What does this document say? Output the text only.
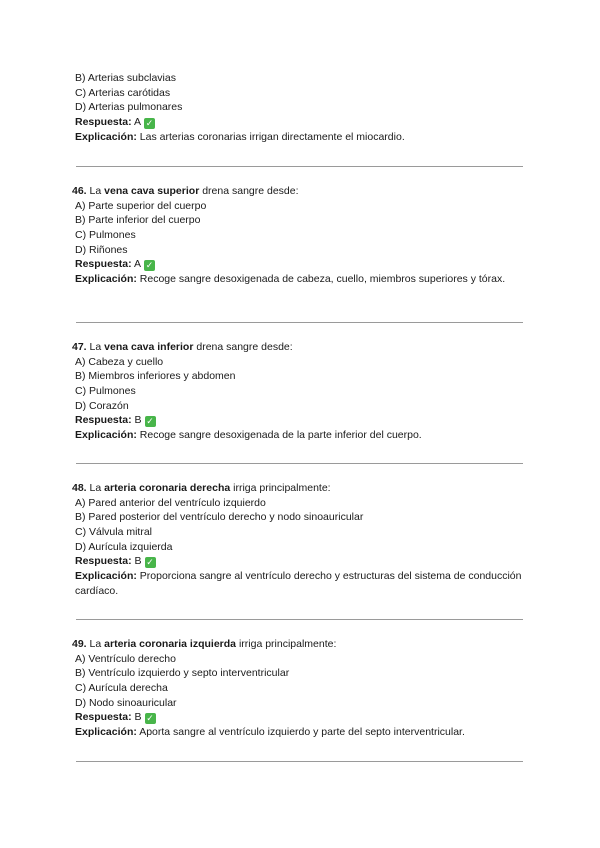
B) Arterias subclavias
C) Arterias carótidas
D) Arterias pulmonares
Respuesta: A ✓
Explicación: Las arterias coronarias irrigan directamente el miocardio.
46. La vena cava superior drena sangre desde:
A) Parte superior del cuerpo
B) Parte inferior del cuerpo
C) Pulmones
D) Riñones
Respuesta: A ✓
Explicación: Recoge sangre desoxigenada de cabeza, cuello, miembros superiores y tórax.
47. La vena cava inferior drena sangre desde:
A) Cabeza y cuello
B) Miembros inferiores y abdomen
C) Pulmones
D) Corazón
Respuesta: B ✓
Explicación: Recoge sangre desoxigenada de la parte inferior del cuerpo.
48. La arteria coronaria derecha irriga principalmente:
A) Pared anterior del ventrículo izquierdo
B) Pared posterior del ventrículo derecho y nodo sinoauricular
C) Válvula mitral
D) Aurícula izquierda
Respuesta: B ✓
Explicación: Proporciona sangre al ventrículo derecho y estructuras del sistema de conducción cardíaco.
49. La arteria coronaria izquierda irriga principalmente:
A) Ventrículo derecho
B) Ventrículo izquierdo y septo interventricular
C) Aurícula derecha
D) Nodo sinoauricular
Respuesta: B ✓
Explicación: Aporta sangre al ventrículo izquierdo y parte del septo interventricular.
